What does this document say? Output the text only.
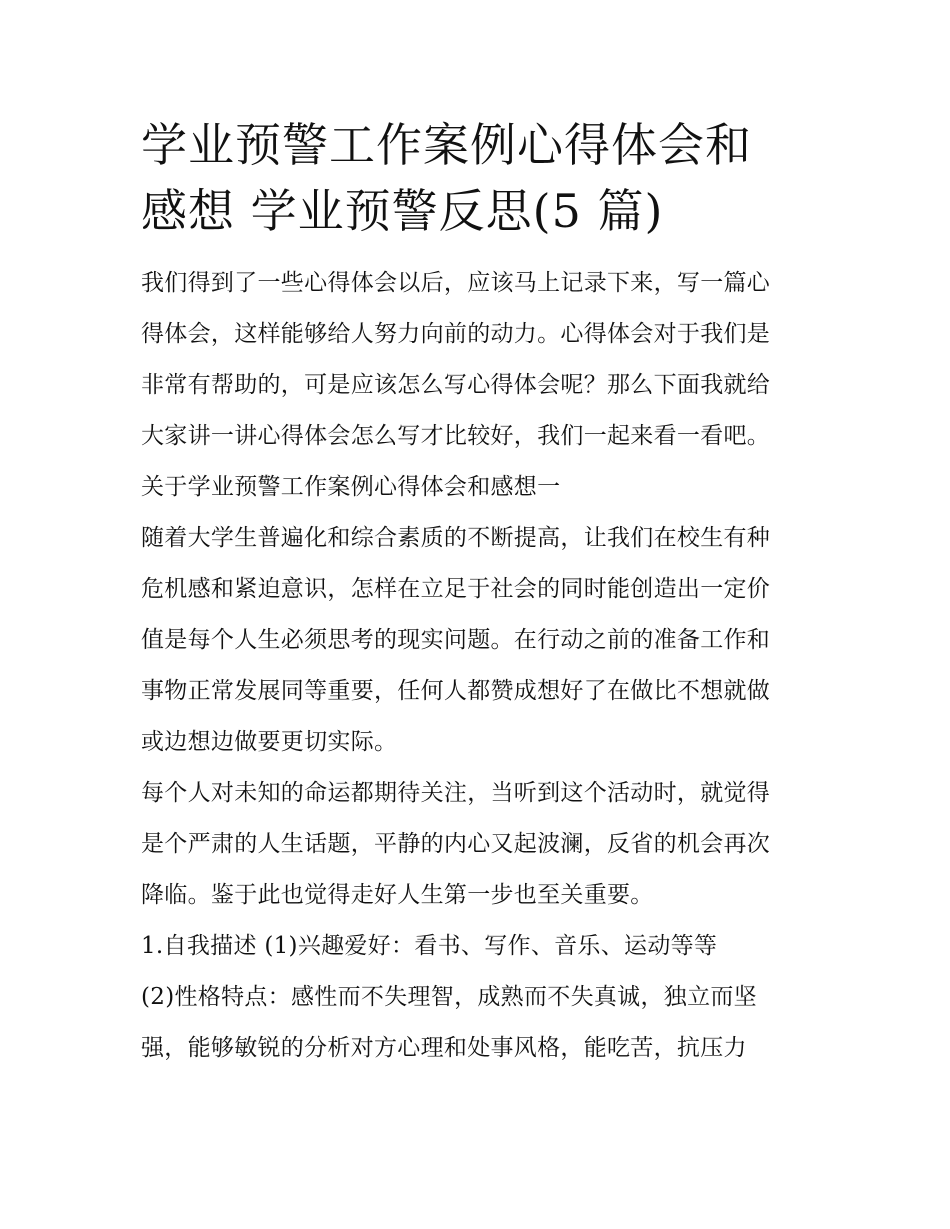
学业预警工作案例心得体会和
感想 学业预警反思(5 篇)

我们得到了一些心得体会以后，应该马上记录下来，写一篇心
得体会，这样能够给人努力向前的动力。心得体会对于我们是
非常有帮助的，可是应该怎么写心得体会呢？那么下面我就给
大家讲一讲心得体会怎么写才比较好，我们一起来看一看吧。

关于学业预警工作案例心得体会和感想一

随着大学生普遍化和综合素质的不断提高，让我们在校生有种
危机感和紧迫意识，怎样在立足于社会的同时能创造出一定价
值是每个人生必须思考的现实问题。在行动之前的准备工作和
事物正常发展同等重要，任何人都赞成想好了在做比不想就做
或边想边做要更切实际。

每个人对未知的命运都期待关注，当听到这个活动时，就觉得
是个严肃的人生话题，平静的内心又起波澜，反省的机会再次
降临。鉴于此也觉得走好人生第一步也至关重要。

1.自我描述 (1)兴趣爱好：看书、写作、音乐、运动等等

(2)性格特点：感性而不失理智，成熟而不失真诚，独立而坚
强，能够敏锐的分析对方心理和处事风格，能吃苦，抗压力
